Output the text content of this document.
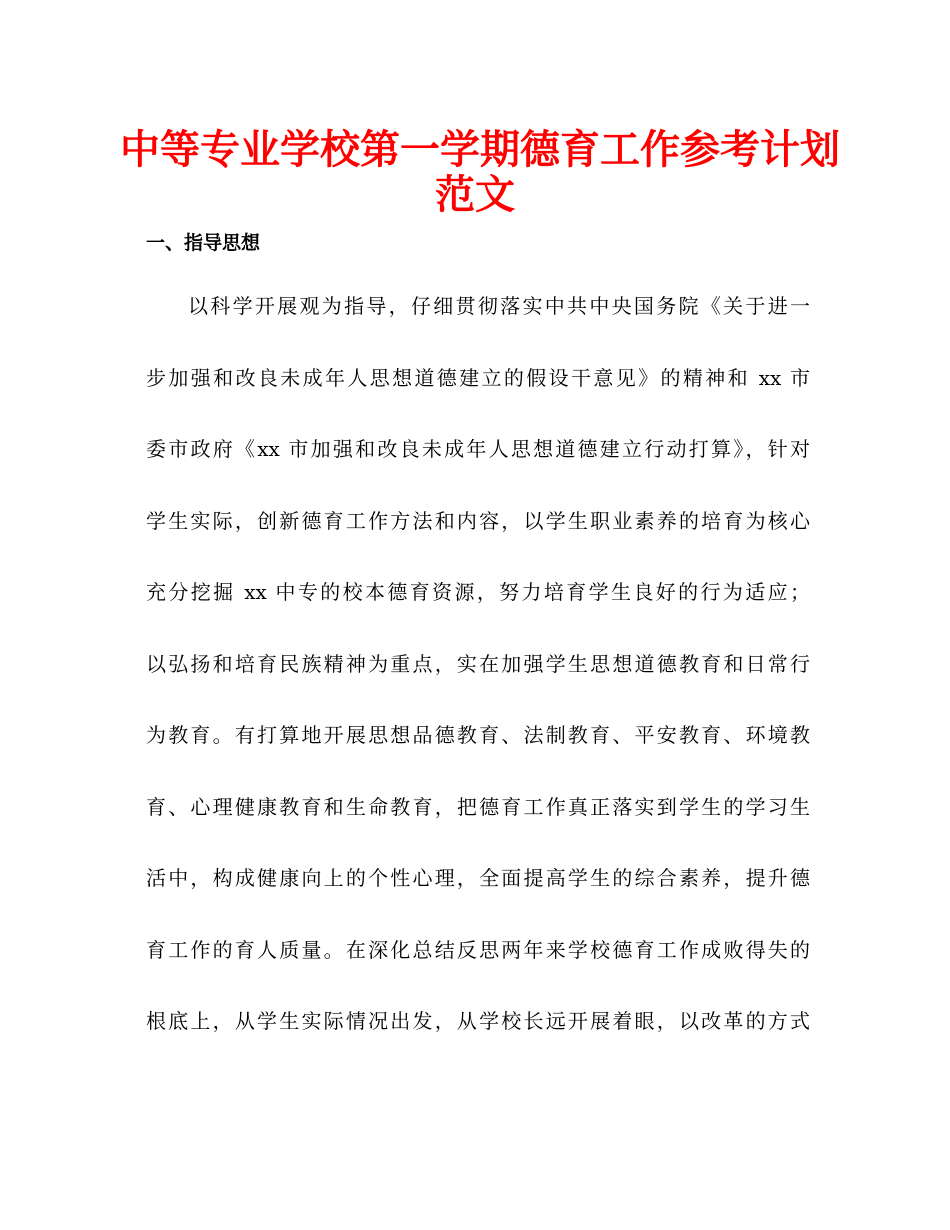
中等专业学校第一学期德育工作参考计划
范文
一、指导思想
以科学开展观为指导，仔细贯彻落实中共中央国务院《关于进一
步加强和改良未成年人思想道德建立的假设干意见》的精神和 xx 市
委市政府《xx 市加强和改良未成年人思想道德建立行动打算》，针对
学生实际，创新德育工作方法和内容，以学生职业素养的培育为核心
充分挖掘 xx 中专的校本德育资源，努力培育学生良好的行为适应；
以弘扬和培育民族精神为重点，实在加强学生思想道德教育和日常行
为教育。有打算地开展思想品德教育、法制教育、平安教育、环境教
育、心理健康教育和生命教育，把德育工作真正落实到学生的学习生
活中，构成健康向上的个性心理，全面提高学生的综合素养，提升德
育工作的育人质量。在深化总结反思两年来学校德育工作成败得失的
根底上，从学生实际情况出发，从学校长远开展着眼，以改革的方式
